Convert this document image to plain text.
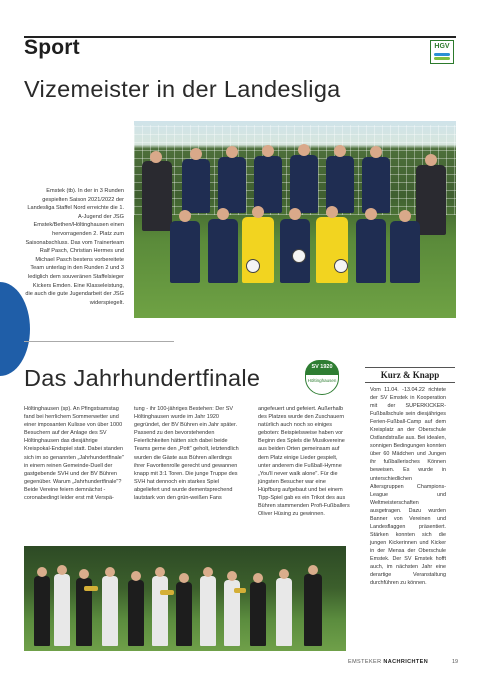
Sport	HGV
Vizemeister in der Landesliga
Emstek (tb). In der in 3 Runden gespielten Saison 2021/2022 der Landesliga Staffel Nord erreichte die 1. A-Jugend der JSG Emstek/Bethen/Höltinghausen einen hervorragenden 2. Platz zum Saisonabschluss. Das vom Trainerteam Ralf Pasch, Christian Hermes und Michael Pasch bestens vorbereitete Team unterlag in den Runden 2 und 3 lediglich dem souveränen Staffelsieger Kickers Emden. Eine Klasseleistung, die auch die gute Jugendarbeit der JSG widerspiegelt.
Das Jahrhundertfinale	SV 1920
Höltinghausen
Höltinghausen (sp). An Pfingstsamstag fand bei herrlichem Sommerwetter und einer imposanten Kulisse von über 1000 Besuchern auf der Anlage des SV Höltinghausen das diesjährige Kreispokal-Endspiel statt. Dabei standen sich im so genannten „Jahrhundertfinale" in einem reinen Gemeinde-Duell der gastgebende SVH und der BV Bühren gegenüber. Warum „Jahrhundertfinale"? Beide Vereine feiern demnächst - coronabedingt leider erst mit Verspä-
tung - ihr 100-jähriges Bestehen: Der SV Höltinghausen wurde im Jahr 1920 gegründet, der BV Bühren ein Jahr später. Passend zu den bevorstehenden Feierlichkeiten hätten sich dabei beide Teams gerne den „Pott" geholt, letztendlich wurden die Gäste aus Bühren allerdings ihrer Favoritenrolle gerecht und gewannen knapp mit 3:1 Toren. Die junge Truppe des SVH hat dennoch ein starkes Spiel abgeliefert und wurde dementsprechend lautstark von den grün-weißen Fans
angefeuert und gefeiert. Außerhalb des Platzes wurde den Zuschauern natürlich auch noch so einiges geboten: Beispielsweise haben vor Beginn des Spiels die Musikvereine aus beiden Orten gemeinsam auf dem Platz einige Lieder gespielt, unter anderem die Fußball-Hymne „You'll never walk alone". Für die jüngsten Besucher war eine Hüpfburg aufgebaut und bei einem Tipp-Spiel gab es ein Trikot des aus Bühren stammenden Profi-Fußballers Oliver Hüsing zu gewinnen.
Kurz & Knapp
Vom 11.04. -13.04.22 richtete der SV Emstek in Kooperation mit der SUPERKICKER-Fußballschule sein diesjähriges Ferien-Fußball-Camp auf dem Kreisplatz an der Oberschule Ostlandstraße aus. Bei idealen, sonnigen Bedingungen konnten über 60 Mädchen und Jungen ihr fußballerisches Können beweisen. Es wurde in unterschiedlichen Altersgruppen Champions-League und Weltmeisterschaften ausgetragen. Dazu wurden Banner von Vereinen und Landesflaggen präsentiert. Stärken konnten sich die jungen Kickerinnen und Kicker in der Mensa der Oberschule Emstek. Der SV Emstek hofft auch, im nächsten Jahr eine derartige Veranstaltung durchführen zu können.
EMSTEKER NACHRICHTEN	19
